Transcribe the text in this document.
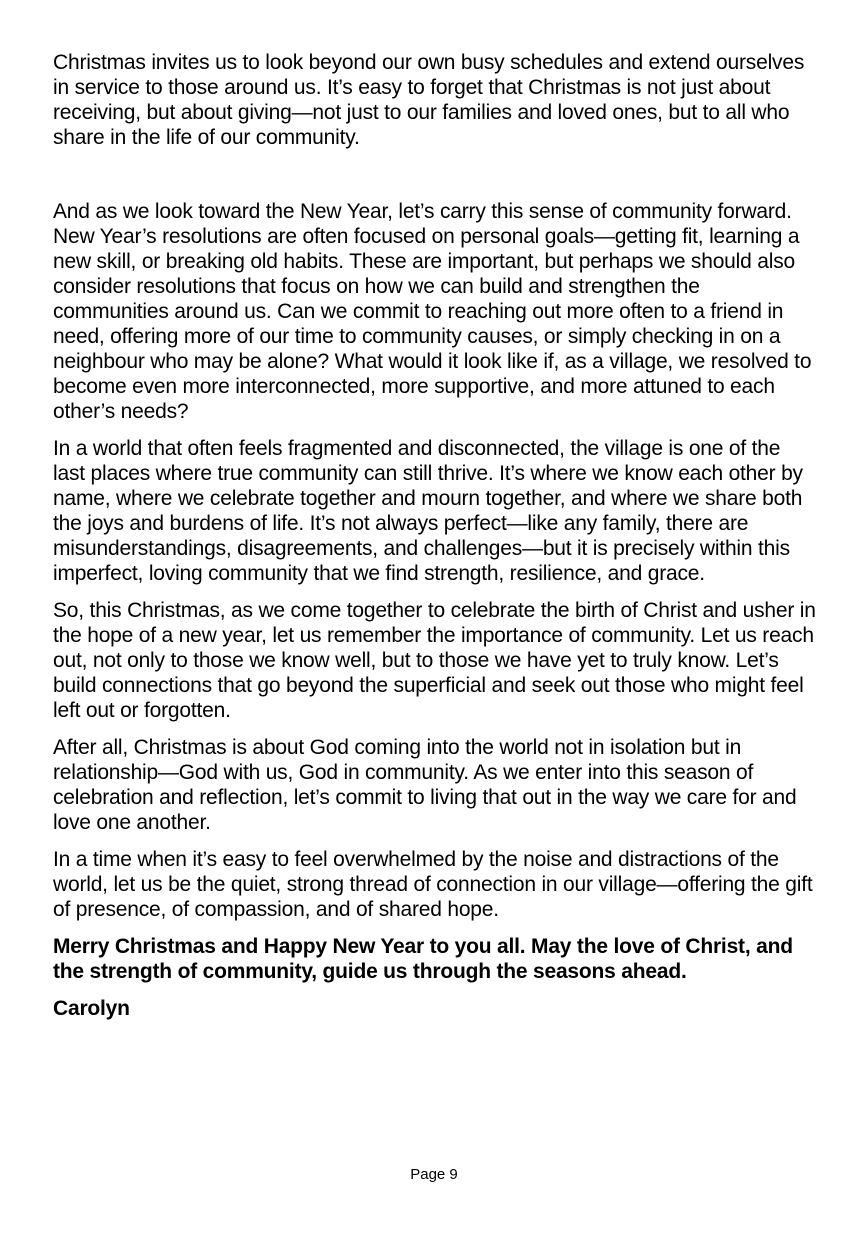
Christmas invites us to look beyond our own busy schedules and extend ourselves in service to those around us. It’s easy to forget that Christmas is not just about receiving, but about giving—not just to our families and loved ones, but to all who share in the life of our community.

And as we look toward the New Year, let’s carry this sense of community forward. New Year’s resolutions are often focused on personal goals—getting fit, learning a new skill, or breaking old habits. These are important, but perhaps we should also consider resolutions that focus on how we can build and strengthen the communities around us. Can we commit to reaching out more often to a friend in need, offering more of our time to community causes, or simply checking in on a neighbour who may be alone? What would it look like if, as a village, we resolved to become even more interconnected, more supportive, and more attuned to each other’s needs?

In a world that often feels fragmented and disconnected, the village is one of the last places where true community can still thrive. It’s where we know each other by name, where we celebrate together and mourn together, and where we share both the joys and burdens of life. It’s not always perfect—like any family, there are misunderstandings, disagreements, and challenges—but it is precisely within this imperfect, loving community that we find strength, resilience, and grace.

So, this Christmas, as we come together to celebrate the birth of Christ and usher in the hope of a new year, let us remember the importance of community. Let us reach out, not only to those we know well, but to those we have yet to truly know. Let’s build connections that go beyond the superficial and seek out those who might feel left out or forgotten.

After all, Christmas is about God coming into the world not in isolation but in relationship—God with us, God in community. As we enter into this season of celebration and reflection, let’s commit to living that out in the way we care for and love one another.

In a time when it’s easy to feel overwhelmed by the noise and distractions of the world, let us be the quiet, strong thread of connection in our village—offering the gift of presence, of compassion, and of shared hope.

Merry Christmas and Happy New Year to you all. May the love of Christ, and the strength of community, guide us through the seasons ahead.

Carolyn

Page 9
